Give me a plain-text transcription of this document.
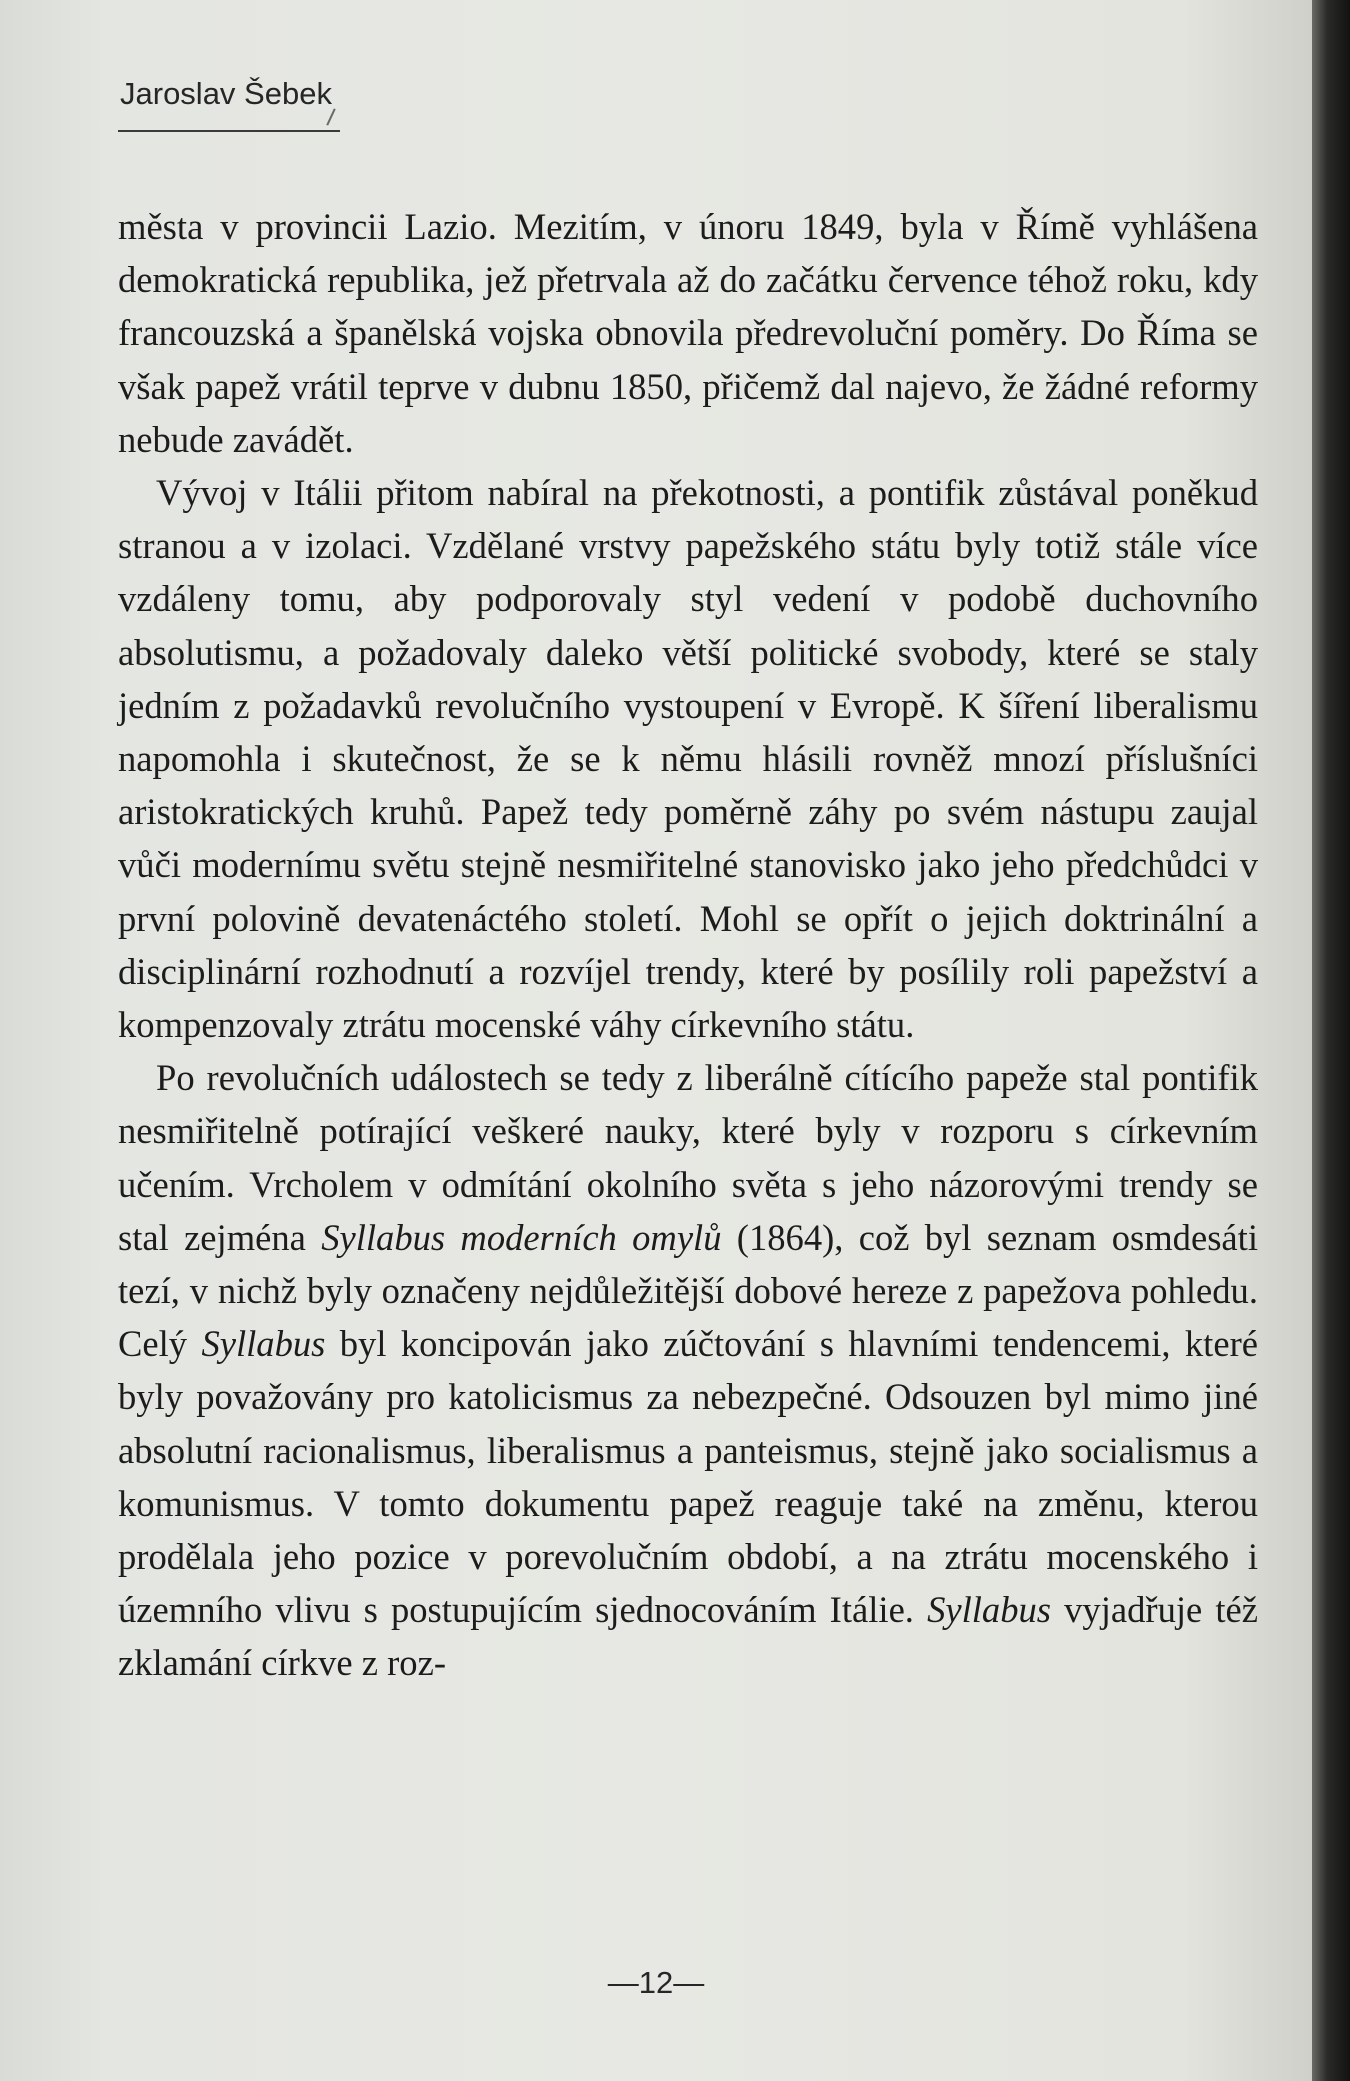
Jaroslav Šebek

města v provincii Lazio. Mezitím, v únoru 1849, byla v Římě vyhlášena demokratická republika, jež přetrvala až do začátku července téhož roku, kdy francouzská a španělská vojska obnovila předrevoluční poměry. Do Říma se však papež vrátil teprve v dubnu 1850, přičemž dal najevo, že žádné reformy nebude zavádět.

Vývoj v Itálii přitom nabíral na překotnosti, a pontifik zůstával poněkud stranou a v izolaci. Vzdělané vrstvy papežského státu byly totiž stále více vzdáleny tomu, aby podporovaly styl vedení v podobě duchovního absolutismu, a požadovaly daleko větší politické svobody, které se staly jedním z požadavků revolučního vystoupení v Evropě. K šíření liberalismu napomohla i skutečnost, že se k němu hlásili rovněž mnozí příslušníci aristokratických kruhů. Papež tedy poměrně záhy po svém nástupu zaujal vůči modernímu světu stejně nesmiřitelné stanovisko jako jeho předchůdci v první polovině devatenáctého století. Mohl se opřít o jejich doktrinální a disciplinární rozhodnutí a rozvíjel trendy, které by posílily roli papežství a kompenzovaly ztrátu mocenské váhy církevního státu.

Po revolučních událostech se tedy z liberálně cítícího papeže stal pontifik nesmiřitelně potírající veškeré nauky, které byly v rozporu s církevním učením. Vrcholem v odmítání okolního světa s jeho názorovými trendy se stal zejména Syllabus moderních omylů (1864), což byl seznam osmdesáti tezí, v nichž byly označeny nejdůležitější dobové hereze z papežova pohledu. Celý Syllabus byl koncipován jako zúčtování s hlavními tendencemi, které byly považovány pro katolicismus za nebezpečné. Odsouzen byl mimo jiné absolutní racionalismus, liberalismus a panteismus, stejně jako socialismus a komunismus. V tomto dokumentu papež reaguje také na změnu, kterou prodělala jeho pozice v porevolučním období, a na ztrátu mocenského i územního vlivu s postupujícím sjednocováním Itálie. Syllabus vyjadřuje též zklamání církve z roz-

—12—
